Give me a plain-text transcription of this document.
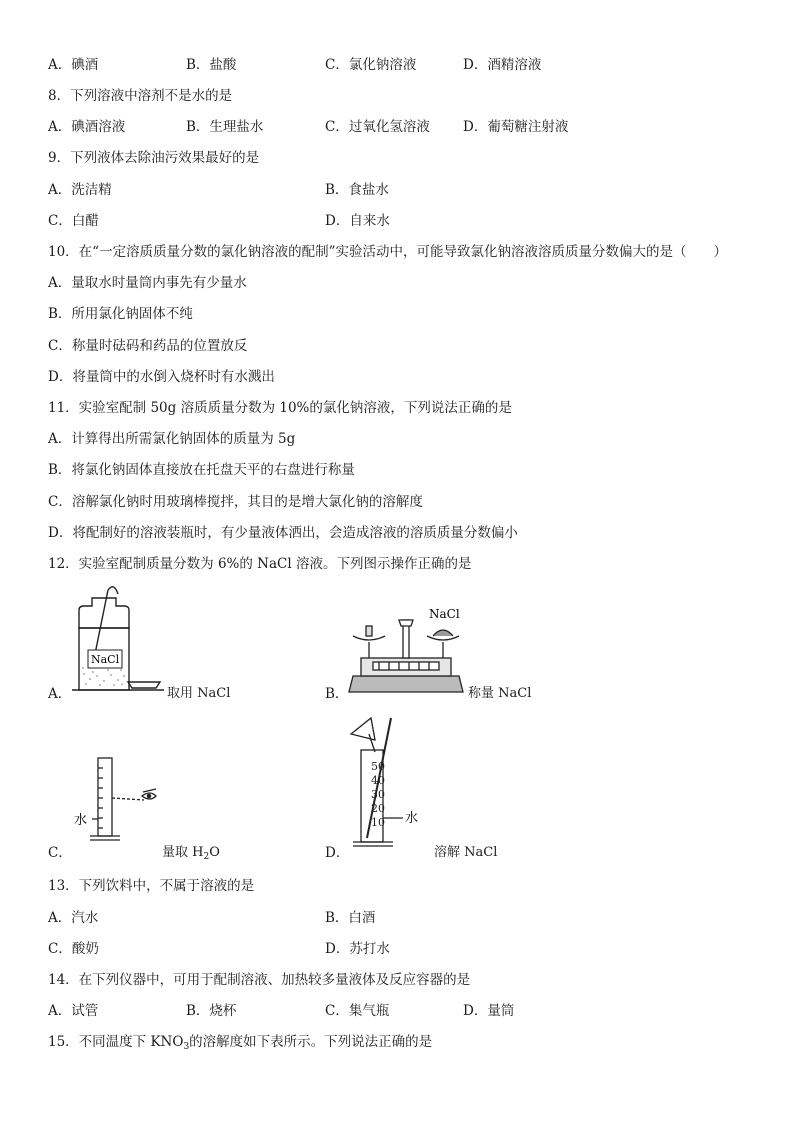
A．碘酒	B．盐酸	C．氯化钠溶液	D．酒精溶液
8．下列溶液中溶剂不是水的是
A．碘酒溶液	B．生理盐水	C．过氧化氢溶液 D．葡萄糖注射液
9．下列液体去除油污效果最好的是
A．洗洁精	B．食盐水
C．白醋	D．自来水
10．在“一定溶质质量分数的氯化钠溶液的配制”实验活动中，可能导致氯化钠溶液溶质质量分数偏大的是（　　）
A．量取水时量筒内事先有少量水
B．所用氯化钠固体不纯
C．称量时砝码和药品的位置放反
D．将量筒中的水倒入烧杯时有水溅出
11．实验室配制 50g 溶质质量分数为 10%的氯化钠溶液，下列说法正确的是
A．计算得出所需氯化钠固体的质量为 5g
B．将氯化钠固体直接放在托盘天平的右盘进行称量
C．溶解氯化钠时用玻璃棒搅拌，其目的是增大氯化钠的溶解度
D．将配制好的溶液装瓶时，有少量液体洒出，会造成溶液的溶质质量分数偏小
12．实验室配制质量分数为 6%的 NaCl 溶液。下列图示操作正确的是
A．
NaCl
取用 NaCl	B．
NaCl
称量 NaCl
C．
水
量取 $H_2O$	D．
50
40
30
20
10 水
溶解 NaCl
13．下列饮料中，不属于溶液的是
A．汽水	B．白酒
C．酸奶	D．苏打水
14．在下列仪器中，可用于配制溶液、加热较多量液体及反应容器的是
A．试管	B．烧杯	C．集气瓶	D．量筒
15．不同温度下 $KNO_3$的溶解度如下表所示。下列说法正确的是
